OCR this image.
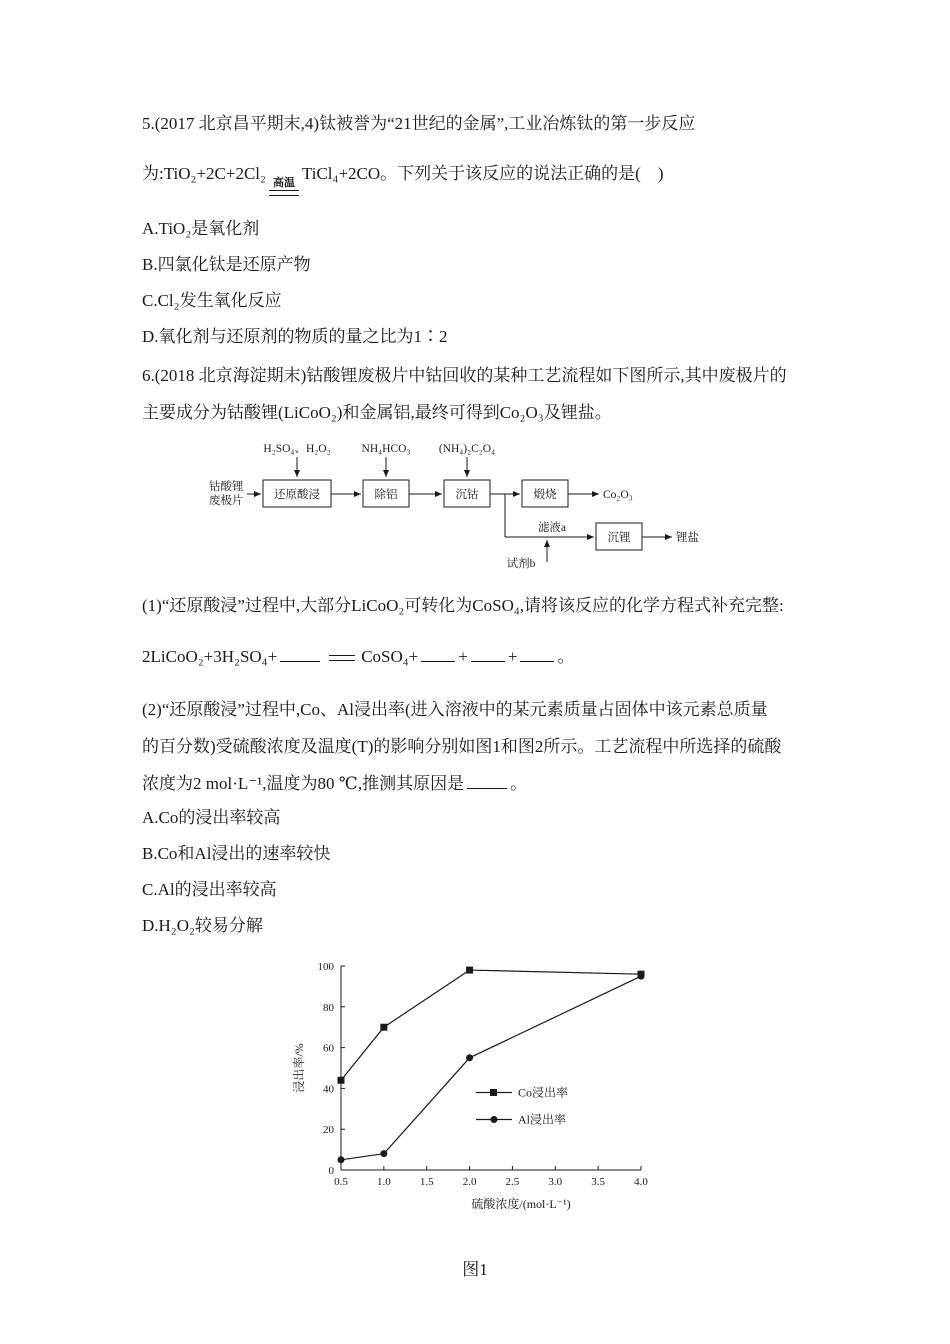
5.(2017 北京昌平期末,4)钛被誉为“21世纪的金属”,工业冶炼钛的第一步反应

为:TiO₂+2C+2Cl₂ 高温 TiCl₄+2CO。下列关于该反应的说法正确的是(　)

A.TiO₂是氧化剂

B.四氯化钛是还原产物

C.Cl₂发生氧化反应

D.氧化剂与还原剂的物质的量之比为1∶2

6.(2018 北京海淀期末)钴酸锂废极片中钴回收的某种工艺流程如下图所示,其中废极片的

主要成分为钴酸锂(LiCoO₂)和金属铝,最终可得到Co₂O₃及锂盐。

钴酸锂
废极片
H₂SO₄、H₂O₂	NH₄HCO₃ (NH₄)₂C₂O₄
还原酸浸	除铝	沉钴	煅烧	Co₂O₃
滤液a
试剂b
沉锂	锂盐

(1)“还原酸浸”过程中,大部分LiCoO₂可转化为CoSO₄,请将该反应的化学方程式补充完整:

2LiCoO₂+3H₂SO₄+	CoSO₄+ + + 。

(2)“还原酸浸”过程中,Co、Al浸出率(进入溶液中的某元素质量占固体中该元素总质量

的百分数)受硫酸浓度及温度(T)的影响分别如图1和图2所示。工艺流程中所选择的硫酸

浓度为2 mol·L⁻¹,温度为80 ℃,推测其原因是	。

A.Co的浸出率较高

B.Co和Al浸出的速率较快

C.Al的浸出率较高

D.H₂O₂较易分解

0.5	1.0	1.5	2.0	2.5	3.0	3.5	4.0
0
20
40
60
80
100
Co浸出率
Al浸出率
硫酸浓度/(mol·L⁻¹)
浸出率/%

图1
